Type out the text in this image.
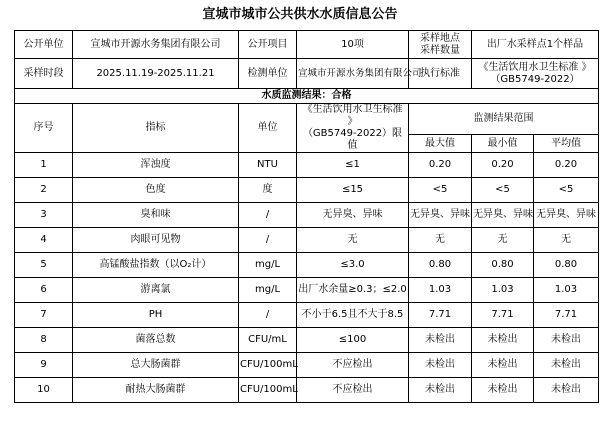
宣城市城市公共供水水质信息公告
公开单位	宣城市开源水务集团有限公司	公开项目	10项	采样地点
采样数量	出厂水采样点1个样品	
采样时段	2025.11.19-2025.11.21	检测单位	宣城市开源水务集团有限公司	执行标准	《生活饮用水卫生标准 》
（GB5749-2022）	
水质监测结果：合格						
序号	指标	单位	《生活饮用水卫生标准 》
（GB5749-2022）限值	监测结果范围		
				最大值	最小值	平均值
1	浑浊度	NTU	≤1	0.20	0.20	0.20
2	色度	度	≤15	<5	<5	<5
3	臭和味	/	无异臭、异味	无异臭、异味	无异臭、异味	无异臭、异味
4	肉眼可见物	/	无	无	无	无
5	高锰酸盐指数（以O₂计）	mg/L	≤3.0	0.80	0.80	0.80
6	游离氯	mg/L	出厂水余量≥0.3；≤2.0	1.03	1.03	1.03
7	PH	/	不小于6.5且不大于8.5	7.71	7.71	7.71
8	菌落总数	CFU/mL	≤100	未检出	未检出	未检出
9	总大肠菌群	CFU/100mL	不应检出	未检出	未检出	未检出
10	耐热大肠菌群	CFU/100mL	不应检出	未检出	未检出	未检出
